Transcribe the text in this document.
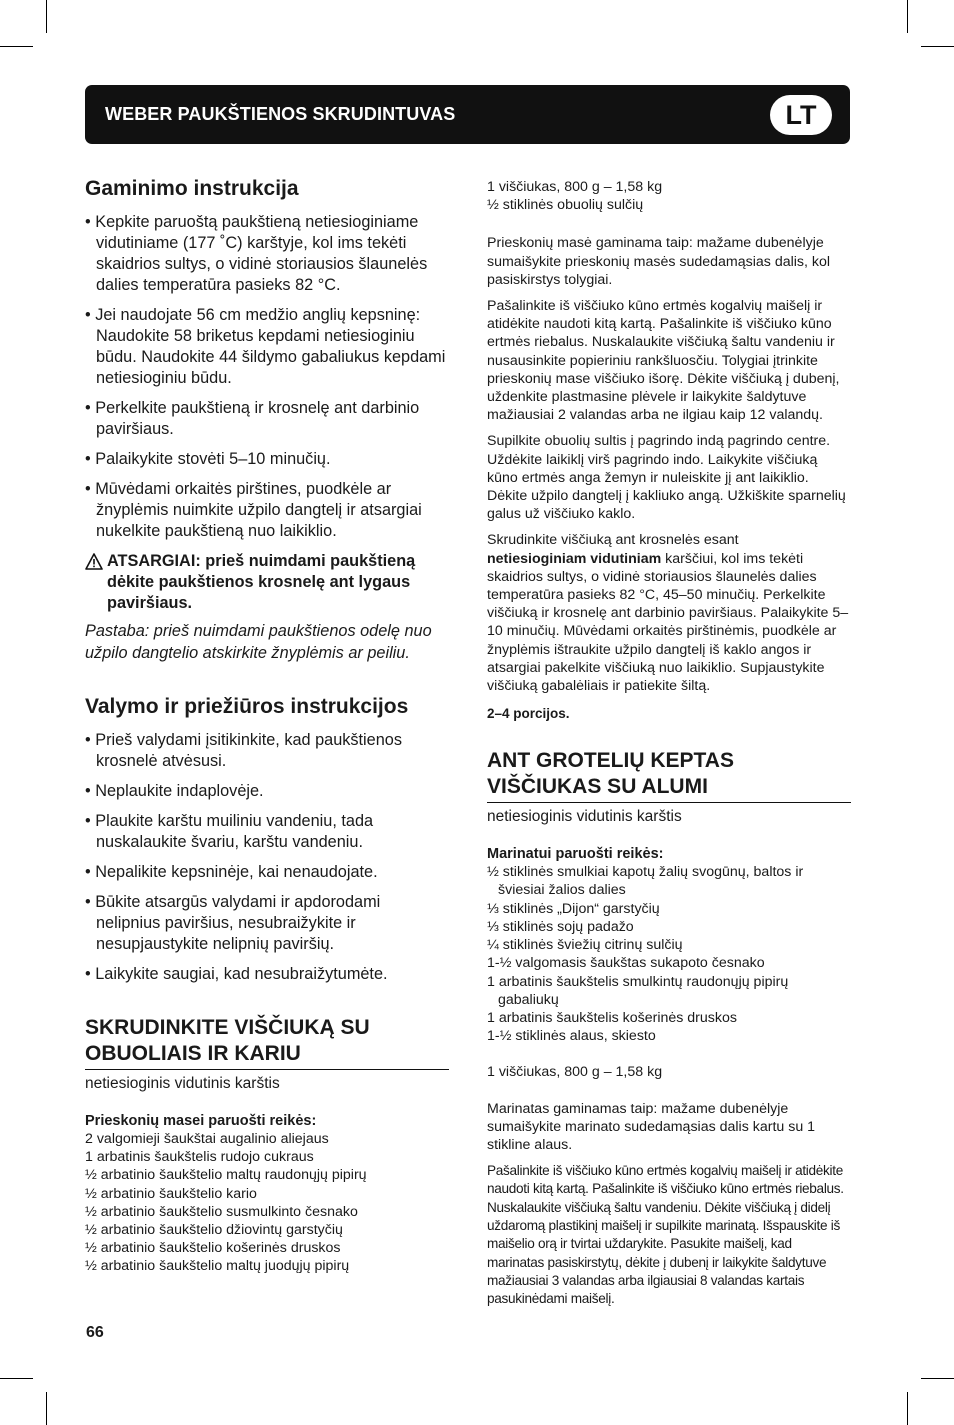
WEBER PAUKŠTIENOS SKRUDINTUVAS	LT
Gaminimo instrukcija
• Kepkite paruoštą paukštieną netiesioginiame vidutiniame (177 ˚C) karštyje, kol ims tekėti skaidrios sultys, o vidinė storiausios šlaunelės dalies temperatūra pasieks 82 °C.
• Jei naudojate 56 cm medžio anglių kepsninę: Naudokite 58 briketus kepdami netiesioginiu būdu. Naudokite 44 šildymo gabaliukus kepdami netiesioginiu būdu.
• Perkelkite paukštieną ir krosnelę ant darbinio paviršiaus.
• Palaikykite stovėti 5–10 minučių.
• Mūvėdami orkaitės pirštines, puodkėle ar žnyplėmis nuimkite užpilo dangtelį ir atsargiai nukelkite paukštieną nuo laikiklio.
ATSARGIAI: prieš nuimdami paukštieną dėkite paukštienos krosnelę ant lygaus paviršiaus.

Pastaba: prieš nuimdami paukštienos odelę nuo užpilo dangtelio atskirkite žnyplėmis ar peiliu.

Valymo ir priežiūros instrukcijos
• Prieš valydami įsitikinkite, kad paukštienos krosnelė atvėsusi.
• Neplaukite indaplovėje.
• Plaukite karštu muiliniu vandeniu, tada nuskalaukite švariu, karštu vandeniu.
• Nepalikite kepsninėje, kai nenaudojate.
• Būkite atsargūs valydami ir apdorodami nelipnius paviršius, nesubraižykite ir nesupjaustykite nelipnių paviršių.
• Laikykite saugiai, kad nesubraižytumėte.
SKRUDINKITE VIŠČIUKĄ SU
OBUOLIAIS IR KARIU

netiesioginis vidutinis karštis

Prieskonių masei paruošti reikės:
2 valgomieji šaukštai augalinio aliejaus
1 arbatinis šaukštelis rudojo cukraus
½ arbatinio šaukštelio maltų raudonųjų pipirų
½ arbatinio šaukštelio kario
½ arbatinio šaukštelio susmulkinto česnako
½ arbatinio šaukštelio džiovintų garstyčių
½ arbatinio šaukštelio košerinės druskos
½ arbatinio šaukštelio maltų juodųjų pipirų
1 viščiukas, 800 g – 1,58 kg
½ stiklinės obuolių sulčių

Prieskonių masė gaminama taip: mažame dubenėlyje sumaišykite prieskonių masės sudedamąsias dalis, kol pasiskirstys tolygiai.

Pašalinkite iš viščiuko kūno ertmės kogalvių maišelį ir atidėkite naudoti kitą kartą. Pašalinkite iš viščiuko kūno ertmės riebalus. Nuskalaukite viščiuką šaltu vandeniu ir nusausinkite popieriniu rankšluosčiu. Tolygiai įtrinkite prieskonių mase viščiuko išorę. Dėkite viščiuką į dubenį, uždenkite plastmasine plėvele ir laikykite šaldytuve mažiausiai 2 valandas arba ne ilgiau kaip 12 valandų.

Supilkite obuolių sultis į pagrindo indą pagrindo centre. Uždėkite laikiklį virš pagrindo indo. Laikykite viščiuką kūno ertmės anga žemyn ir nuleiskite jį ant laikiklio. Dėkite užpilo dangtelį į kakliuko angą. Užkiškite sparnelių galus už viščiuko kaklo.

Skrudinkite viščiuką ant krosnelės esant
netiesioginiam vidutiniam karščiui, kol ims tekėti skaidrios sultys, o vidinė storiausios šlaunelės dalies temperatūra pasieks 82 °C, 45–50 minučių. Perkelkite viščiuką ir krosnelę ant darbinio paviršiaus. Palaikykite 5–10 minučių. Mūvėdami orkaitės pirštinėmis, puodkėle ar žnyplėmis ištraukite užpilo dangtelį iš kaklo angos ir atsargiai pakelkite viščiuką nuo laikiklio. Supjaustykite viščiuką gabalėliais ir patiekite šiltą.

2–4 porcijos.
ANT GROTELIŲ KEPTAS
VIŠČIUKAS SU ALUMI

netiesioginis vidutinis karštis

Marinatui paruošti reikės:
½ stiklinės smulkiai kapotų žalių svogūnų, baltos ir šviesiai žalios dalies
⅓ stiklinės „Dijon“ garstyčių
⅓ stiklinės sojų padažo
¼ stiklinės šviežių citrinų sulčių
1-½ valgomasis šaukštas sukapoto česnako
1 arbatinis šaukštelis smulkintų raudonųjų pipirų gabaliukų
1 arbatinis šaukštelis košerinės druskos
1-½ stiklinės alaus, skiesto
1 viščiukas, 800 g – 1,58 kg

Marinatas gaminamas taip: mažame dubenėlyje sumaišykite marinato sudedamąsias dalis kartu su 1 stikline alaus.

Pašalinkite iš viščiuko kūno ertmės kogalvių maišelį ir atidėkite naudoti kitą kartą. Pašalinkite iš viščiuko kūno ertmės riebalus. Nuskalaukite viščiuką šaltu vandeniu. Dėkite viščiuką į didelį uždaromą plastikinį maišelį ir supilkite marinatą. Išspauskite iš maišelio orą ir tvirtai uždarykite. Pasukite maišelį, kad marinatas pasiskirstytų, dėkite į dubenį ir laikykite šaldytuve mažiausiai 3 valandas arba ilgiausiai 8 valandas kartais pasukinėdami maišelį.

66
